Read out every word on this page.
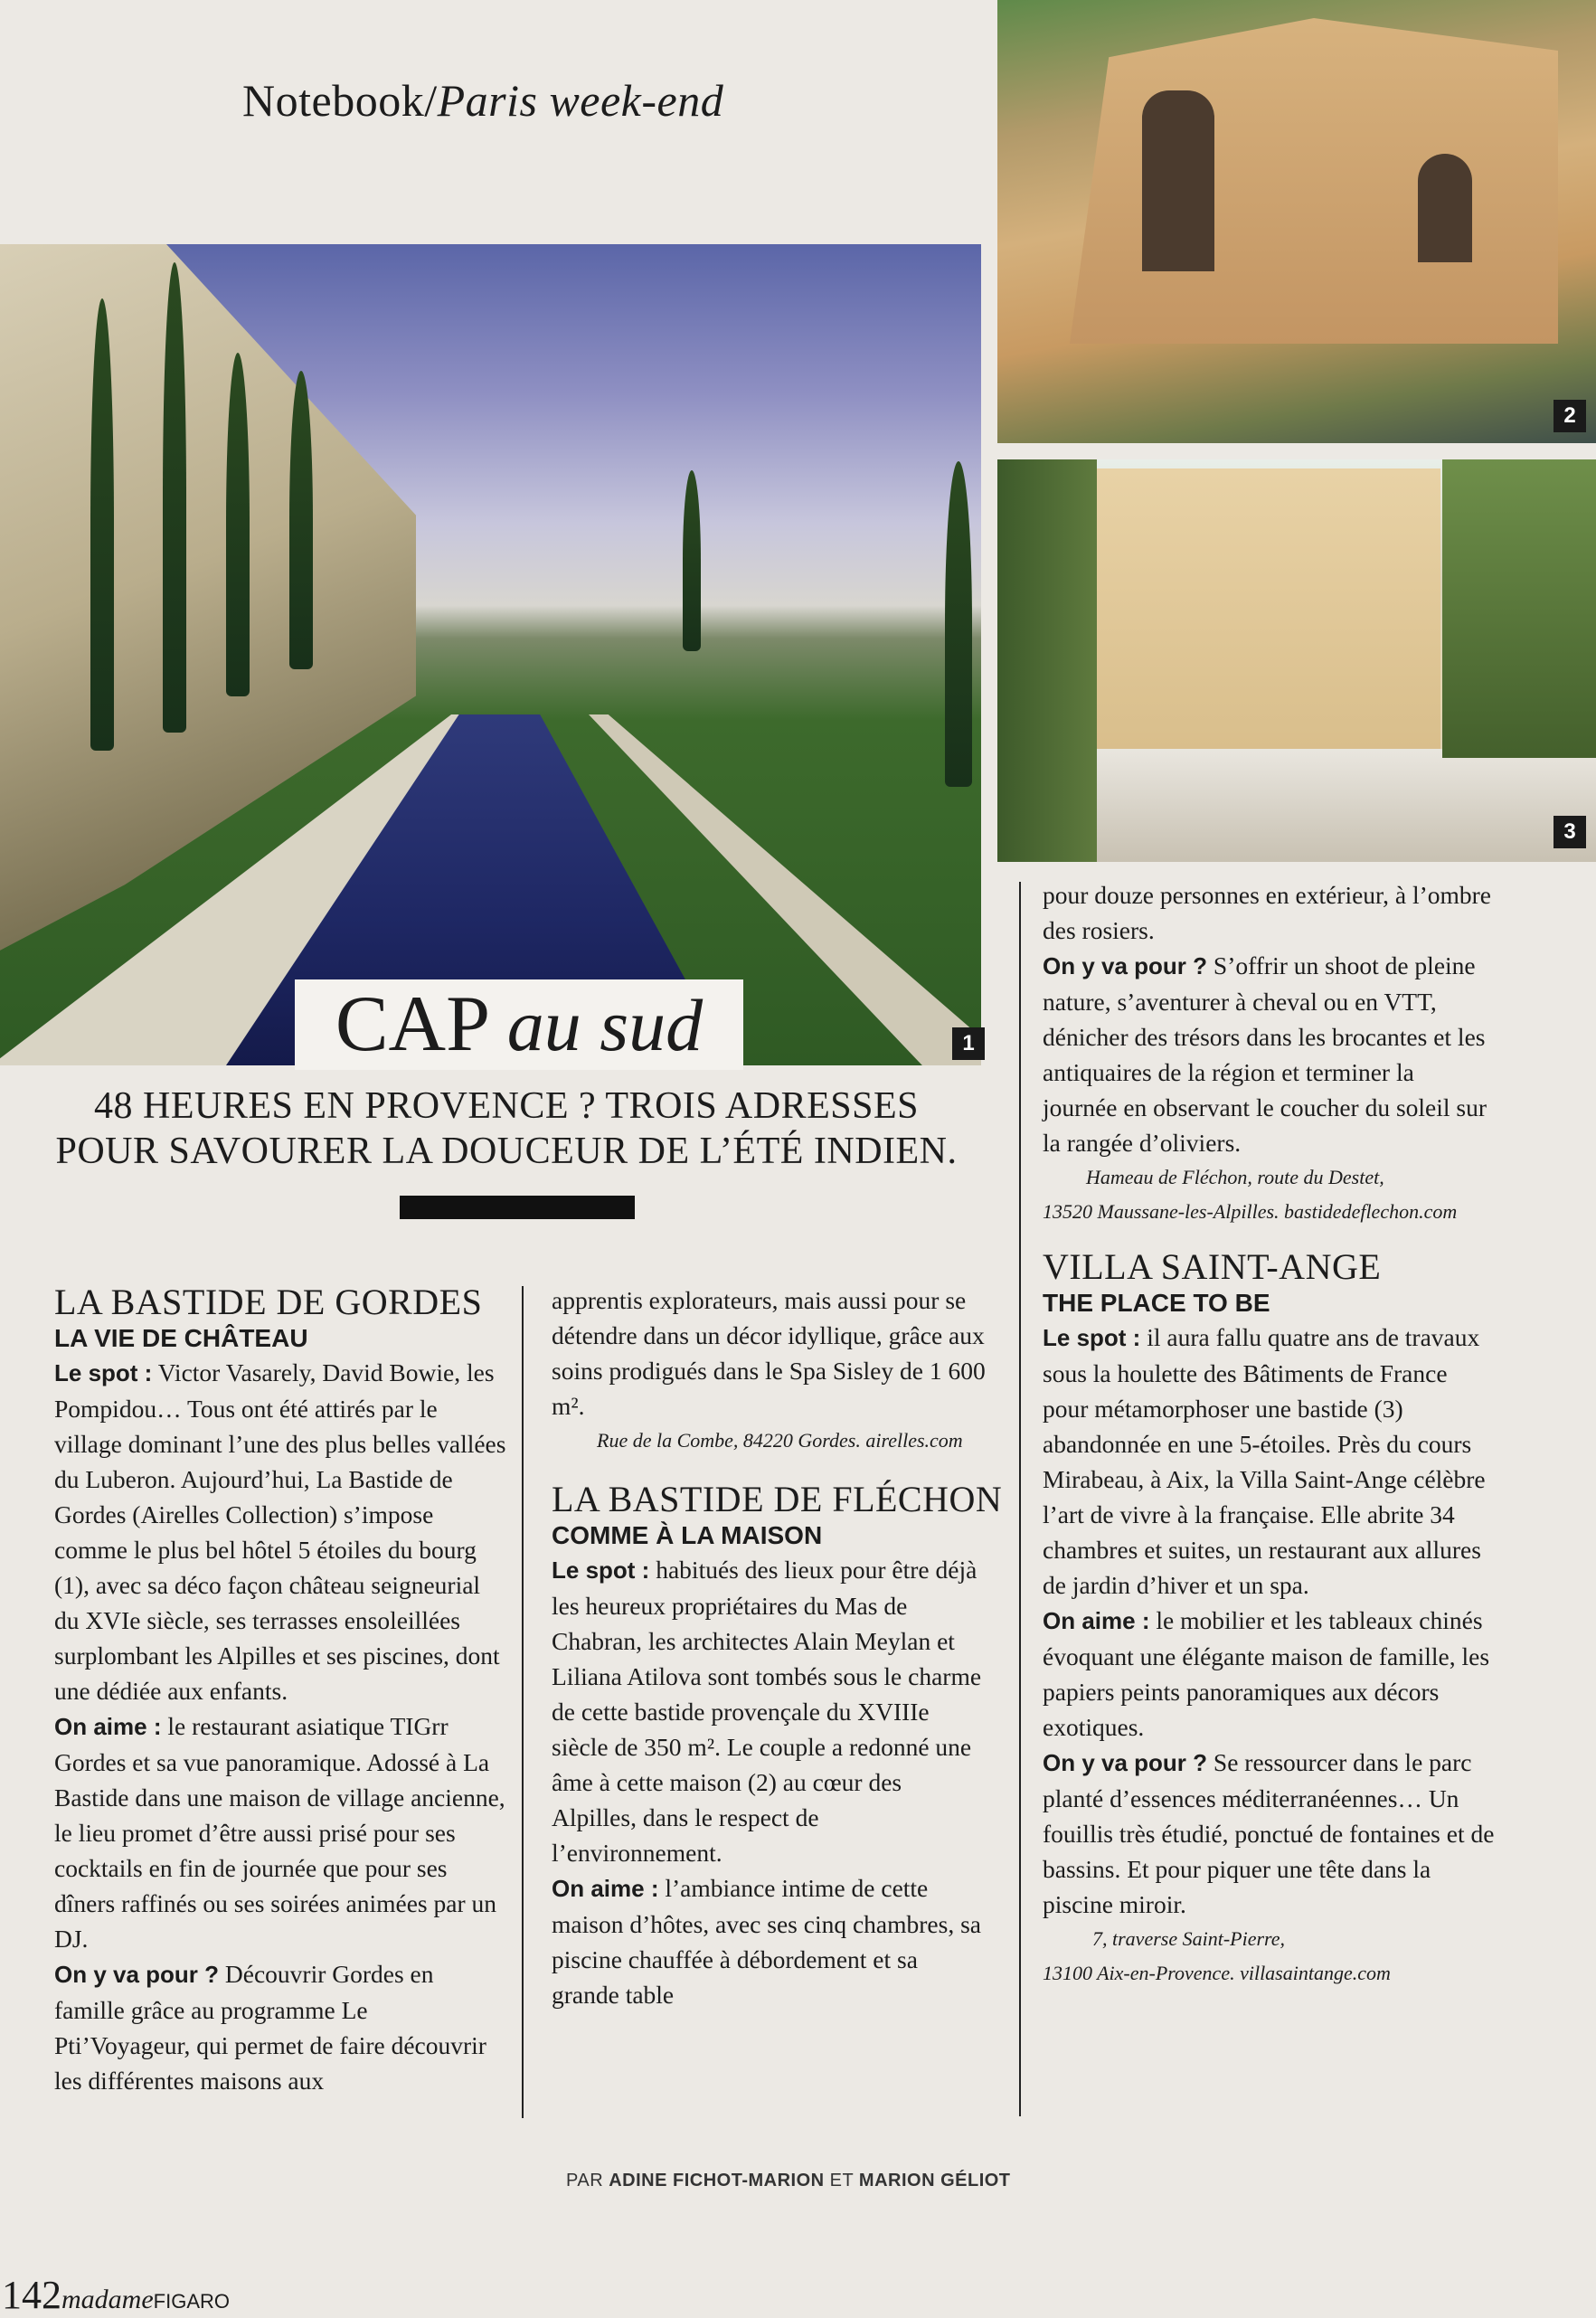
Notebook/Paris week-end
1
2
3
CAP au sud
48 HEURES EN PROVENCE ? TROIS ADRESSES
POUR SAVOURER LA DOUCEUR DE L’ÉTÉ INDIEN.
LA BASTIDE DE GORDES
LA VIE DE CHÂTEAU

Le spot : Victor Vasarely, David Bowie, les Pompidou… Tous ont été attirés par le village dominant l’une des plus belles vallées du Luberon. Aujourd’hui, La Bastide de Gordes (Airelles Collection) s’impose comme le plus bel hôtel 5 étoiles du bourg (1), avec sa déco façon château seigneurial du XVIe siècle, ses terrasses ensoleillées surplombant les Alpilles et ses piscines, dont une dédiée aux enfants.

On aime : le restaurant asiatique TIGrr Gordes et sa vue panoramique. Adossé à La Bastide dans une maison de village ancienne, le lieu promet d’être aussi prisé pour ses cocktails en fin de journée que pour ses dîners raffinés ou ses soirées animées par un DJ.

On y va pour ? Découvrir Gordes en famille grâce au programme Le Pti’Voyageur, qui permet de faire découvrir les différentes maisons aux

apprentis explorateurs, mais aussi pour se détendre dans un décor idyllique, grâce aux soins prodigués dans le Spa Sisley de 1 600 m².

Rue de la Combe, 84220 Gordes. airelles.com
LA BASTIDE DE FLÉCHON
COMME À LA MAISON

Le spot : habitués des lieux pour être déjà les heureux propriétaires du Mas de Chabran, les architectes Alain Meylan et Liliana Atilova sont tombés sous le charme de cette bastide provençale du XVIIIe siècle de 350 m². Le couple a redonné une âme à cette maison (2) au cœur des Alpilles, dans le respect de l’environnement.

On aime : l’ambiance intime de cette maison d’hôtes, avec ses cinq chambres, sa piscine chauffée à débordement et sa grande table

pour douze personnes en extérieur, à l’ombre des rosiers.

On y va pour ? S’offrir un shoot de pleine nature, s’aventurer à cheval ou en VTT, dénicher des trésors dans les brocantes et les antiquaires de la région et terminer la journée en observant le coucher du soleil sur la rangée d’oliviers.

Hameau de Fléchon, route du Destet,
13520 Maussane-les-Alpilles. bastidedeflechon.com
VILLA SAINT-ANGE
THE PLACE TO BE

Le spot : il aura fallu quatre ans de travaux sous la houlette des Bâtiments de France pour métamorphoser une bastide (3) abandonnée en une 5-étoiles. Près du cours Mirabeau, à Aix, la Villa Saint-Ange célèbre l’art de vivre à la française. Elle abrite 34 chambres et suites, un restaurant aux allures de jardin d’hiver et un spa.

On aime : le mobilier et les tableaux chinés évoquant une élégante maison de famille, les papiers peints panoramiques aux décors exotiques.

On y va pour ? Se ressourcer dans le parc planté d’essences méditerranéennes… Un fouillis très étudié, ponctué de fontaines et de bassins. Et pour piquer une tête dans la piscine miroir.

7, traverse Saint-Pierre,
13100 Aix-en-Provence. villasaintange.com
PAR ADINE FICHOT-MARION ET MARION GÉLIOT
142madameFIGARO
